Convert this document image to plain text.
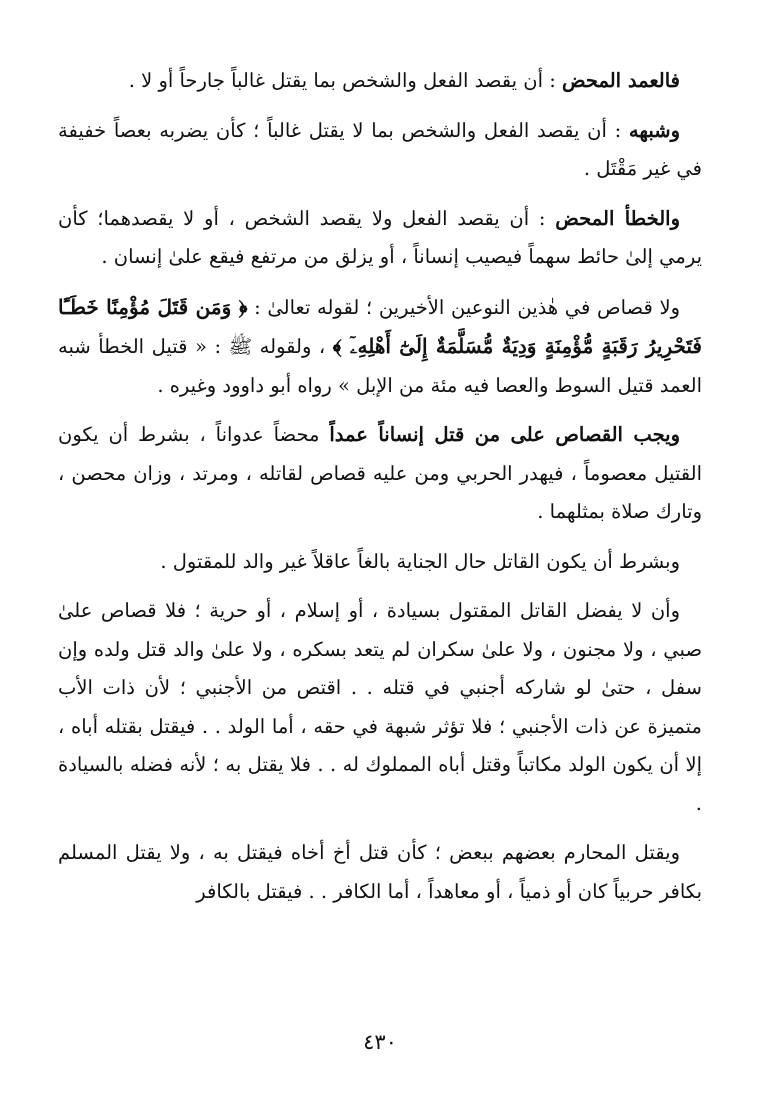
فالعمد المحض : أن يقصد الفعل والشخص بما يقتل غالباً جارحاً أو لا .

وشبهه : أن يقصد الفعل والشخص بما لا يقتل غالباً ؛ كأن يضربه بعصاً خفيفة في غير مَقْتَل .

والخطأ المحض : أن يقصد الفعل ولا يقصد الشخص ، أو لا يقصدهما؛ كأن يرمي إلىٰ حائط سهماً فيصيب إنساناً ، أو يزلق من مرتفع فيقع علىٰ إنسان .

ولا قصاص في هٰذين النوعين الأخيرين ؛ لقوله تعالىٰ : ﴿ وَمَن قَتَلَ مُؤْمِنًا خَطَـًٔا فَتَحْرِيرُ رَقَبَةٍ مُّؤْمِنَةٍ وَدِيَةٌ مُّسَلَّمَةٌ إِلَىٰٓ أَهْلِهِۦٓ ﴾ ، ولقوله ﷺ : « قتيل الخطأ شبه العمد قتيل السوط والعصا فيه مئة من الإبل » رواه أبو داوود وغيره .

ويجب القصاص على من قتل إنساناً عمداً محضاً عدواناً ، بشرط أن يكون القتيل معصوماً ، فيهدر الحربي ومن عليه قصاص لقاتله ، ومرتد ، وزان محصن ، وتارك صلاة بمثلهما .

وبشرط أن يكون القاتل حال الجناية بالغاً عاقلاً غير والد للمقتول .

وأن لا يفضل القاتل المقتول بسيادة ، أو إسلام ، أو حرية ؛ فلا قصاص علىٰ صبي ، ولا مجنون ، ولا علىٰ سكران لم يتعد بسكره ، ولا علىٰ والد قتل ولده وإن سفل ، حتىٰ لو شاركه أجنبي في قتله . . اقتص من الأجنبي ؛ لأن ذات الأب متميزة عن ذات الأجنبي ؛ فلا تؤثر شبهة في حقه ، أما الولد . . فيقتل بقتله أباه ، إلا أن يكون الولد مكاتباً وقتل أباه المملوك له . . فلا يقتل به ؛ لأنه فضله بالسيادة .

ويقتل المحارم بعضهم ببعض ؛ كأن قتل أخ أخاه فيقتل به ، ولا يقتل المسلم بكافر حربياً كان أو ذمياً ، أو معاهداً ، أما الكافر . . فيقتل بالكافر

٤٣٠
